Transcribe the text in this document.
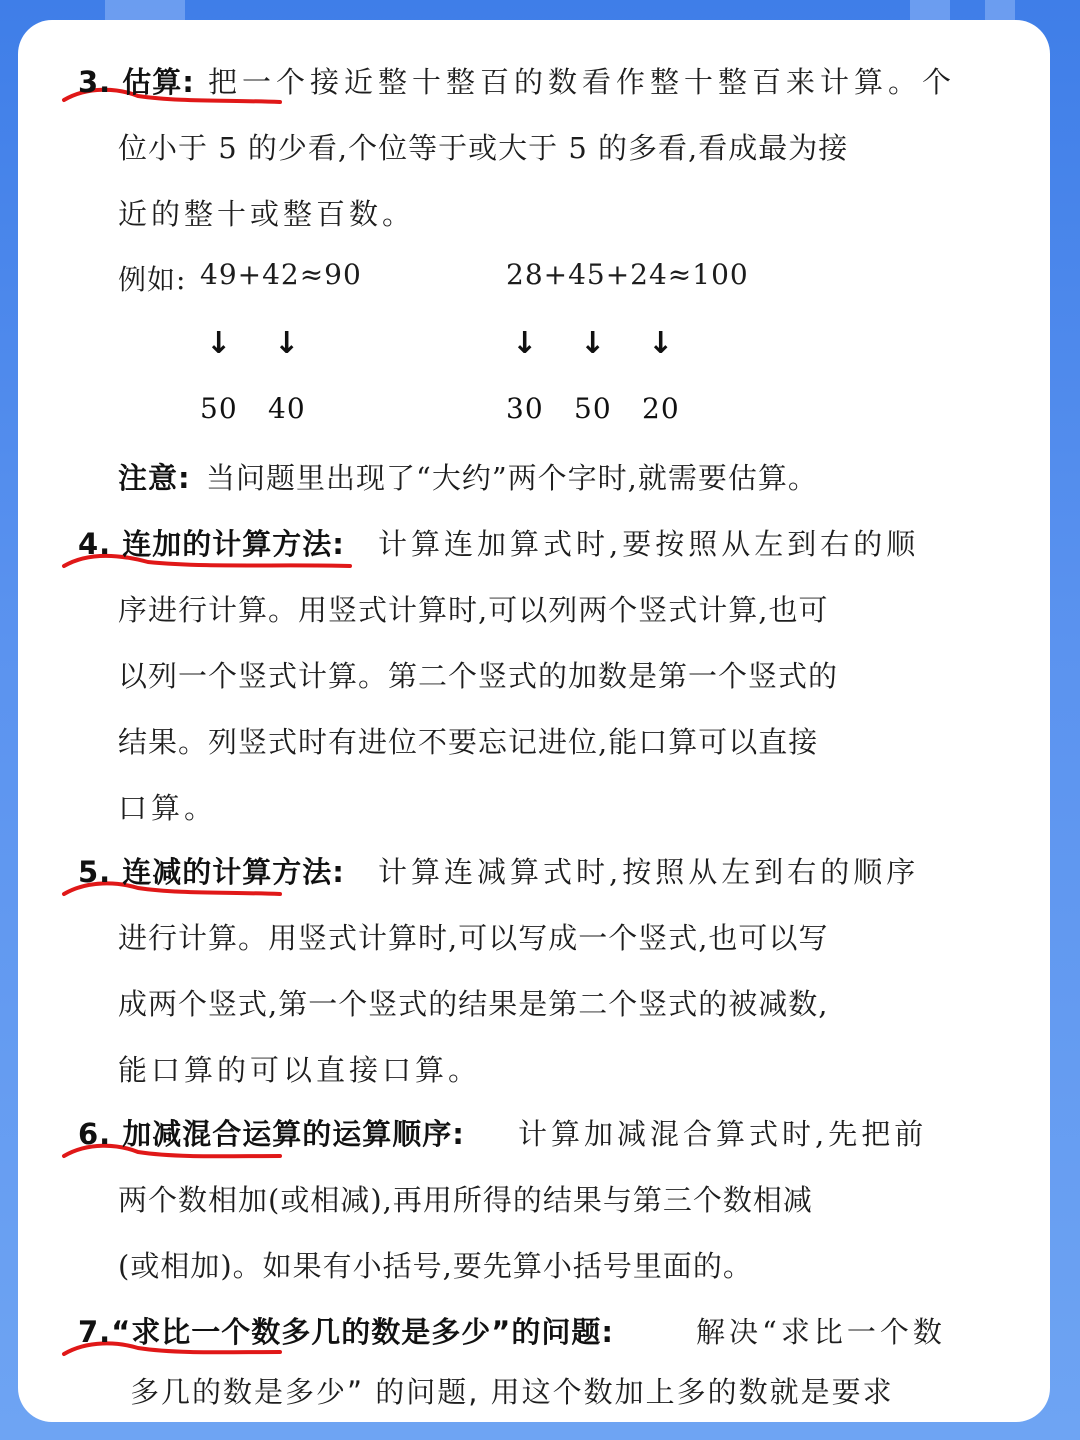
3. 估算: 把一个接近整十整百的数看作整十整百来计算。个
位小于 5 的少看,个位等于或大于 5 的多看,看成最为接
近的整十或整百数。
例如: 49+42≈90	28+45+24≈100
↓ ↓	↓ ↓ ↓
50 40	30 50 20
注意: 当问题里出现了“大约”两个字时,就需要估算。
4. 连加的计算方法: 计算连加算式时,要按照从左到右的顺
序进行计算。用竖式计算时,可以列两个竖式计算,也可
以列一个竖式计算。第二个竖式的加数是第一个竖式的
结果。列竖式时有进位不要忘记进位,能口算可以直接
口算。
5. 连减的计算方法: 计算连减算式时,按照从左到右的顺序
进行计算。用竖式计算时,可以写成一个竖式,也可以写
成两个竖式,第一个竖式的结果是第二个竖式的被减数,
能口算的可以直接口算。
6. 加减混合运算的运算顺序: 计算加减混合算式时,先把前
两个数相加(或相减),再用所得的结果与第三个数相减
(或相加)。如果有小括号,要先算小括号里面的。
7.“求比一个数多几的数是多少”的问题:	解决“求比一个数
多几的数是多少” 的问题, 用这个数加上多的数就是要求
